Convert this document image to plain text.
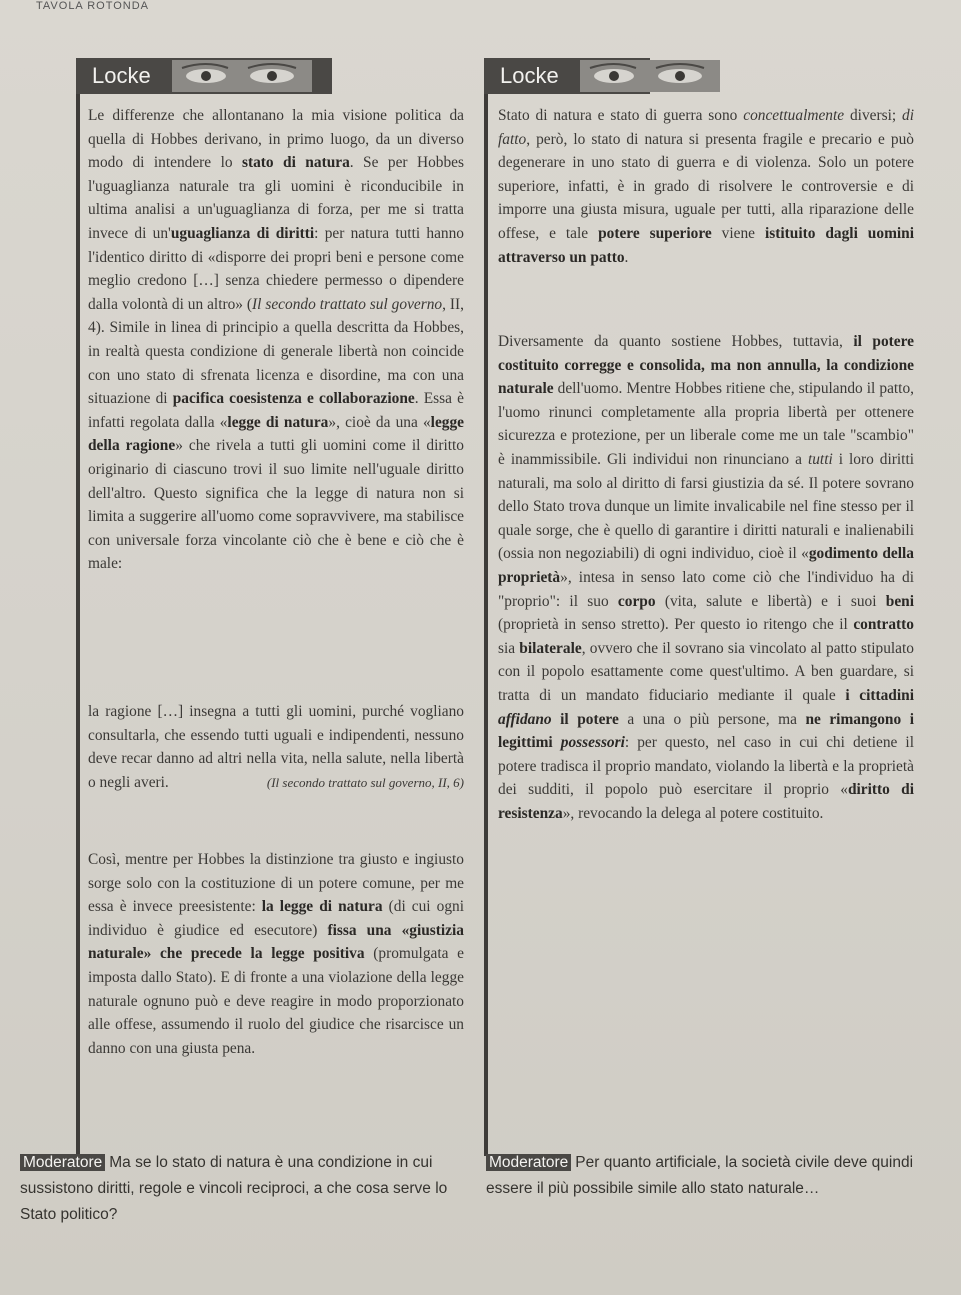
TAVOLA ROTONDA
Locke

Le differenze che allontanano la mia visione politica da quella di Hobbes derivano, in primo luogo, da un diverso modo di intendere lo stato di natura. Se per Hobbes l'uguaglianza naturale tra gli uomini è riconducibile in ultima analisi a un'uguaglianza di forza, per me si tratta invece di un'uguaglianza di diritti: per natura tutti hanno l'identico diritto di «disporre dei propri beni e persone come meglio credono […] senza chiedere permesso o dipendere dalla volontà di un altro» (Il secondo trattato sul governo, II, 4). Simile in linea di principio a quella descritta da Hobbes, in realtà questa condizione di generale libertà non coincide con uno stato di sfrenata licenza e disordine, ma con una situazione di pacifica coesistenza e collaborazione. Essa è infatti regolata dalla «legge di natura», cioè da una «legge della ragione» che rivela a tutti gli uomini come il diritto originario di ciascuno trovi il suo limite nell'uguale diritto dell'altro. Questo significa che la legge di natura non si limita a suggerire all'uomo come sopravvivere, ma stabilisce con universale forza vincolante ciò che è bene e ciò che è male:

la ragione […] insegna a tutti gli uomini, purché vogliano consultarla, che essendo tutti uguali e indipendenti, nessuno deve recar danno ad altri nella vita, nella salute, nella libertà o negli averi.	(Il secondo trattato sul governo, II, 6)

Così, mentre per Hobbes la distinzione tra giusto e ingiusto sorge solo con la costituzione di un potere comune, per me essa è invece preesistente: la legge di natura (di cui ogni individuo è giudice ed esecutore) fissa una «giustizia naturale» che precede la legge positiva (promulgata e imposta dallo Stato). E di fronte a una violazione della legge naturale ognuno può e deve reagire in modo proporzionato alle offese, assumendo il ruolo del giudice che risarcisce un danno con una giusta pena.

Locke

Stato di natura e stato di guerra sono concettualmente diversi; di fatto, però, lo stato di natura si presenta fragile e precario e può degenerare in uno stato di guerra e di violenza. Solo un potere superiore, infatti, è in grado di risolvere le controversie e di imporre una giusta misura, uguale per tutti, alla riparazione delle offese, e tale potere superiore viene istituito dagli uomini attraverso un patto.

Diversamente da quanto sostiene Hobbes, tuttavia, il potere costituito corregge e consolida, ma non annulla, la condizione naturale dell'uomo. Mentre Hobbes ritiene che, stipulando il patto, l'uomo rinunci completamente alla propria libertà per ottenere sicurezza e protezione, per un liberale come me un tale "scambio" è inammissibile. Gli individui non rinunciano a tutti i loro diritti naturali, ma solo al diritto di farsi giustizia da sé. Il potere sovrano dello Stato trova dunque un limite invalicabile nel fine stesso per il quale sorge, che è quello di garantire i diritti naturali e inalienabili (ossia non negoziabili) di ogni individuo, cioè il «godimento della proprietà», intesa in senso lato come ciò che l'individuo ha di "proprio": il suo corpo (vita, salute e libertà) e i suoi beni (proprietà in senso stretto). Per questo io ritengo che il contratto sia bilaterale, ovvero che il sovrano sia vincolato al patto stipulato con il popolo esattamente come quest'ultimo. A ben guardare, si tratta di un mandato fiduciario mediante il quale i cittadini affidano il potere a una o più persone, ma ne rimangono i legittimi possessori: per questo, nel caso in cui chi detiene il potere tradisca il proprio mandato, violando la libertà e la proprietà dei sudditi, il popolo può esercitare il proprio «diritto di resistenza», revocando la delega al potere costituito.

Moderatore Ma se lo stato di natura è una condizione in cui sussistono diritti, regole e vincoli reciproci, a che cosa serve lo Stato politico?
Moderatore Per quanto artificiale, la società civile deve quindi essere il più possibile simile allo stato naturale…
